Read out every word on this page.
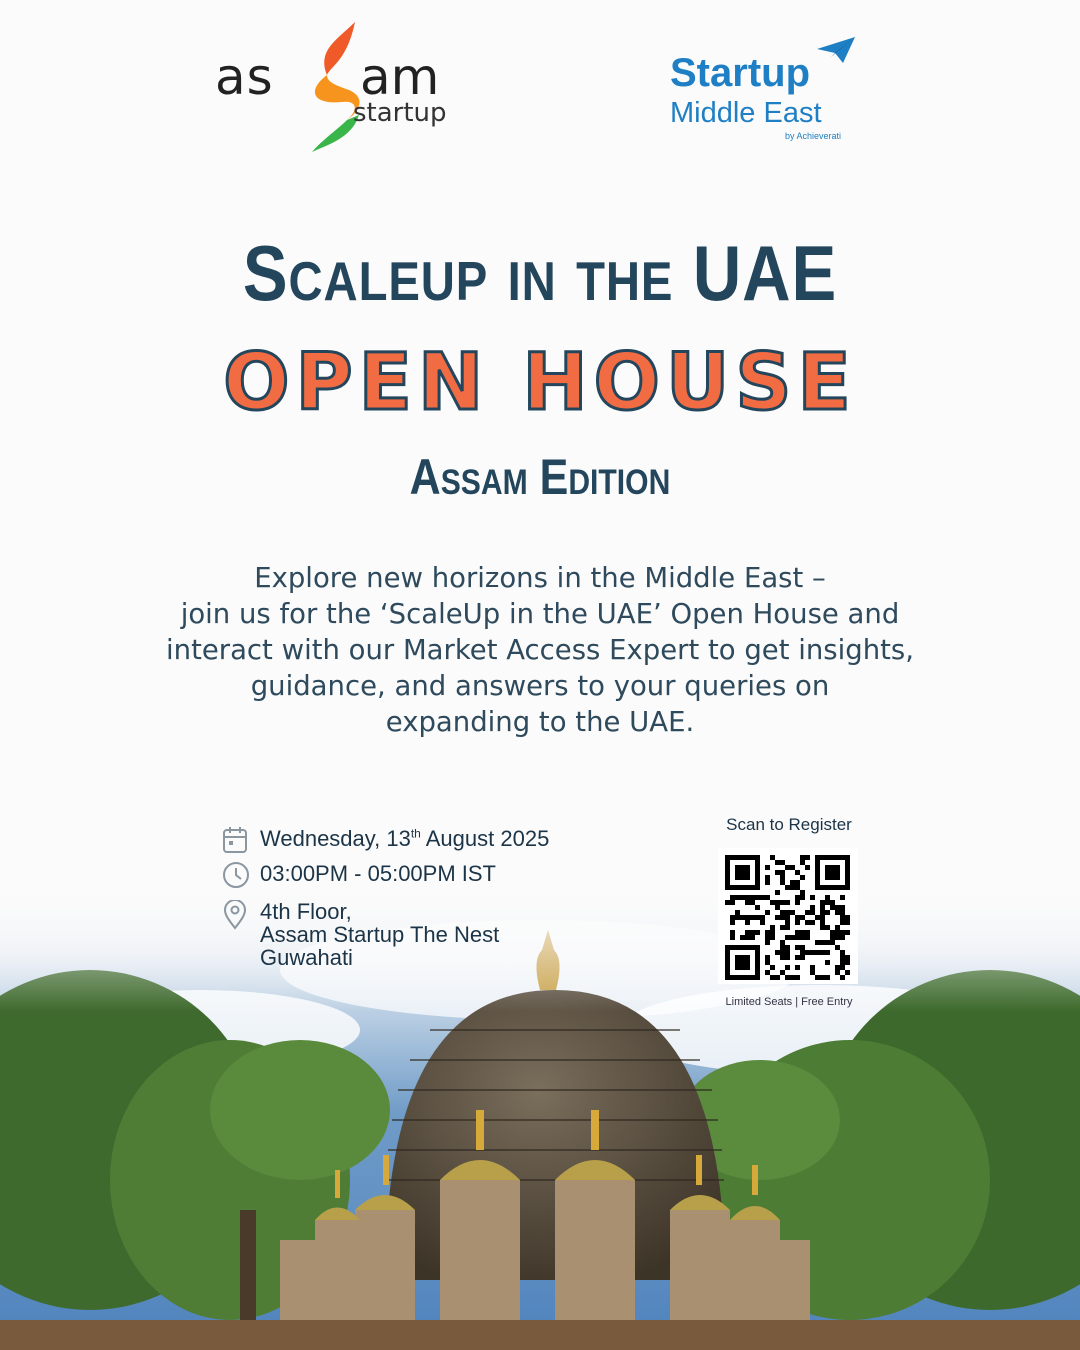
as am
startup
Startup
Middle East
by Achieverati
Scaleup in the UAE
OPEN HOUSE
Assam Edition
Explore new horizons in the Middle East –
join us for the ‘ScaleUp in the UAE’ Open House and
interact with our Market Access Expert to get insights,
guidance, and answers to your queries on
expanding to the UAE.
Wednesday, 13th August 2025
03:00PM - 05:00PM IST
4th Floor,
Assam Startup The Nest
Guwahati
Scan to Register
Limited Seats | Free Entry
